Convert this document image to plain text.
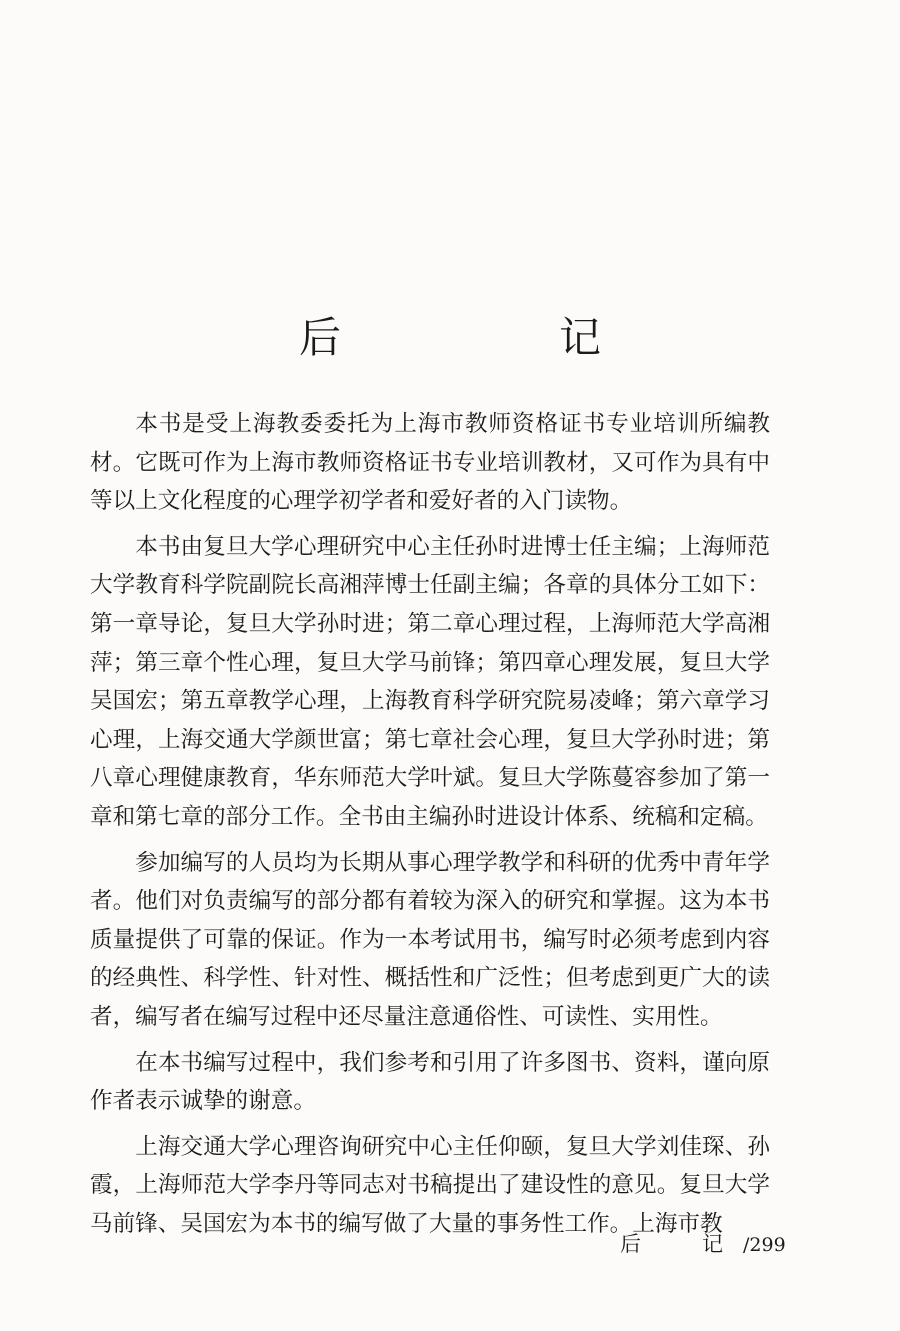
后　记

本书是受上海教委委托为上海市教师资格证书专业培训所编教材。它既可作为上海市教师资格证书专业培训教材，又可作为具有中等以上文化程度的心理学初学者和爱好者的入门读物。

本书由复旦大学心理研究中心主任孙时进博士任主编；上海师范大学教育科学院副院长高湘萍博士任副主编；各章的具体分工如下：第一章导论，复旦大学孙时进；第二章心理过程，上海师范大学高湘萍；第三章个性心理，复旦大学马前锋；第四章心理发展，复旦大学吴国宏；第五章教学心理，上海教育科学研究院易凌峰；第六章学习心理，上海交通大学颜世富；第七章社会心理，复旦大学孙时进；第八章心理健康教育，华东师范大学叶斌。复旦大学陈蔓容参加了第一章和第七章的部分工作。全书由主编孙时进设计体系、统稿和定稿。

参加编写的人员均为长期从事心理学教学和科研的优秀中青年学者。他们对负责编写的部分都有着较为深入的研究和掌握。这为本书质量提供了可靠的保证。作为一本考试用书，编写时必须考虑到内容的经典性、科学性、针对性、概括性和广泛性；但考虑到更广大的读者，编写者在编写过程中还尽量注意通俗性、可读性、实用性。

在本书编写过程中，我们参考和引用了许多图书、资料，谨向原作者表示诚挚的谢意。

上海交通大学心理咨询研究中心主任仰颐，复旦大学刘佳琛、孙霞，上海师范大学李丹等同志对书稿提出了建设性的意见。复旦大学马前锋、吴国宏为本书的编写做了大量的事务性工作。上海市教

后　记/299
